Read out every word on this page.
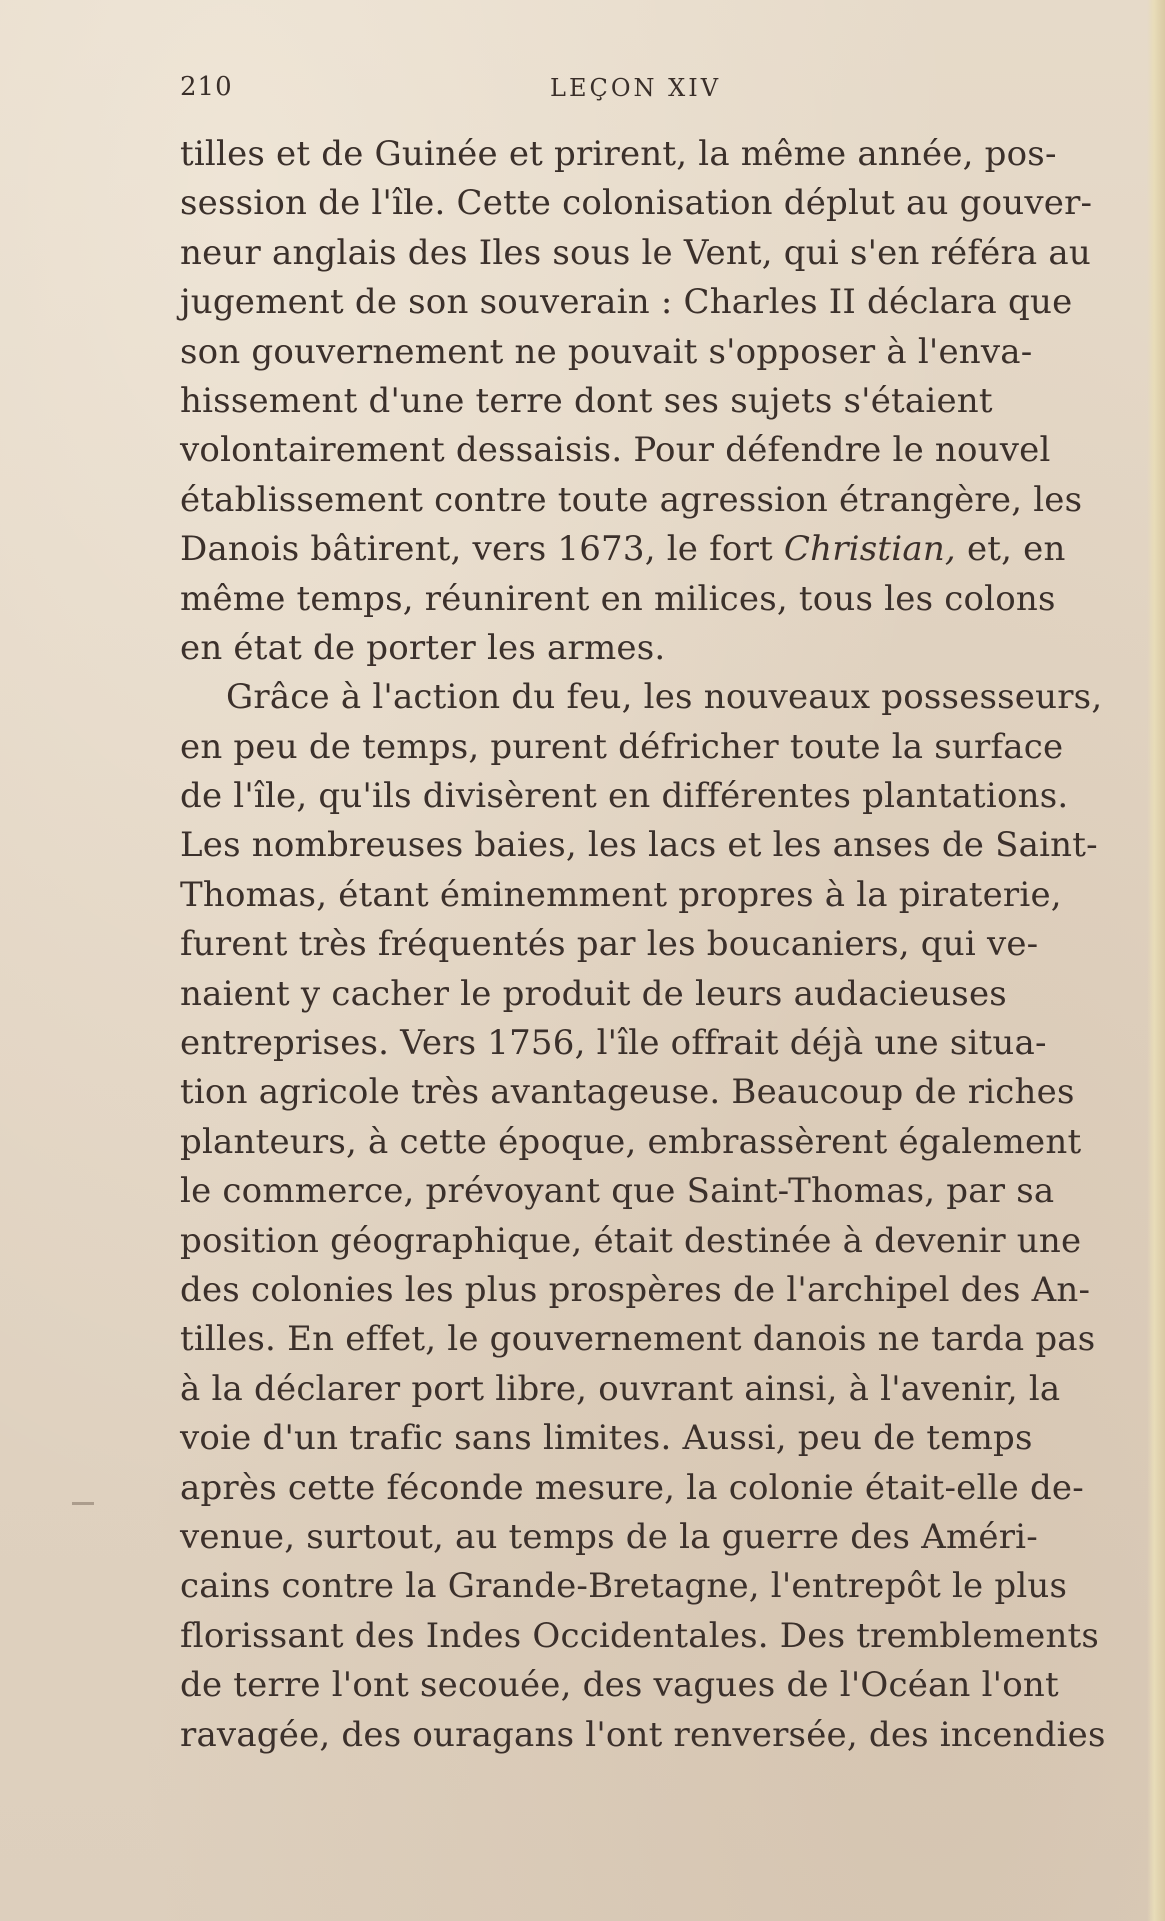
210	LEÇON XIV
tilles et de Guinée et prirent, la même année, pos-
session de l'île. Cette colonisation déplut au gouver-
neur anglais des Iles sous le Vent, qui s'en référa au
jugement de son souverain : Charles II déclara que
son gouvernement ne pouvait s'opposer à l'enva-
hissement d'une terre dont ses sujets s'étaient
volontairement dessaisis. Pour défendre le nouvel
établissement contre toute agression étrangère, les
Danois bâtirent, vers 1673, le fort Christian, et, en
même temps, réunirent en milices, tous les colons
en état de porter les armes.
Grâce à l'action du feu, les nouveaux possesseurs,
en peu de temps, purent défricher toute la surface
de l'île, qu'ils divisèrent en différentes plantations.
Les nombreuses baies, les lacs et les anses de Saint-
Thomas, étant éminemment propres à la piraterie,
furent très fréquentés par les boucaniers, qui ve-
naient y cacher le produit de leurs audacieuses
entreprises. Vers 1756, l'île offrait déjà une situa-
tion agricole très avantageuse. Beaucoup de riches
planteurs, à cette époque, embrassèrent également
le commerce, prévoyant que Saint-Thomas, par sa
position géographique, était destinée à devenir une
des colonies les plus prospères de l'archipel des An-
tilles. En effet, le gouvernement danois ne tarda pas
à la déclarer port libre, ouvrant ainsi, à l'avenir, la
voie d'un trafic sans limites. Aussi, peu de temps
après cette féconde mesure, la colonie était-elle de-
venue, surtout, au temps de la guerre des Améri-
cains contre la Grande-Bretagne, l'entrepôt le plus
florissant des Indes Occidentales. Des tremblements
de terre l'ont secouée, des vagues de l'Océan l'ont
ravagée, des ouragans l'ont renversée, des incendies
